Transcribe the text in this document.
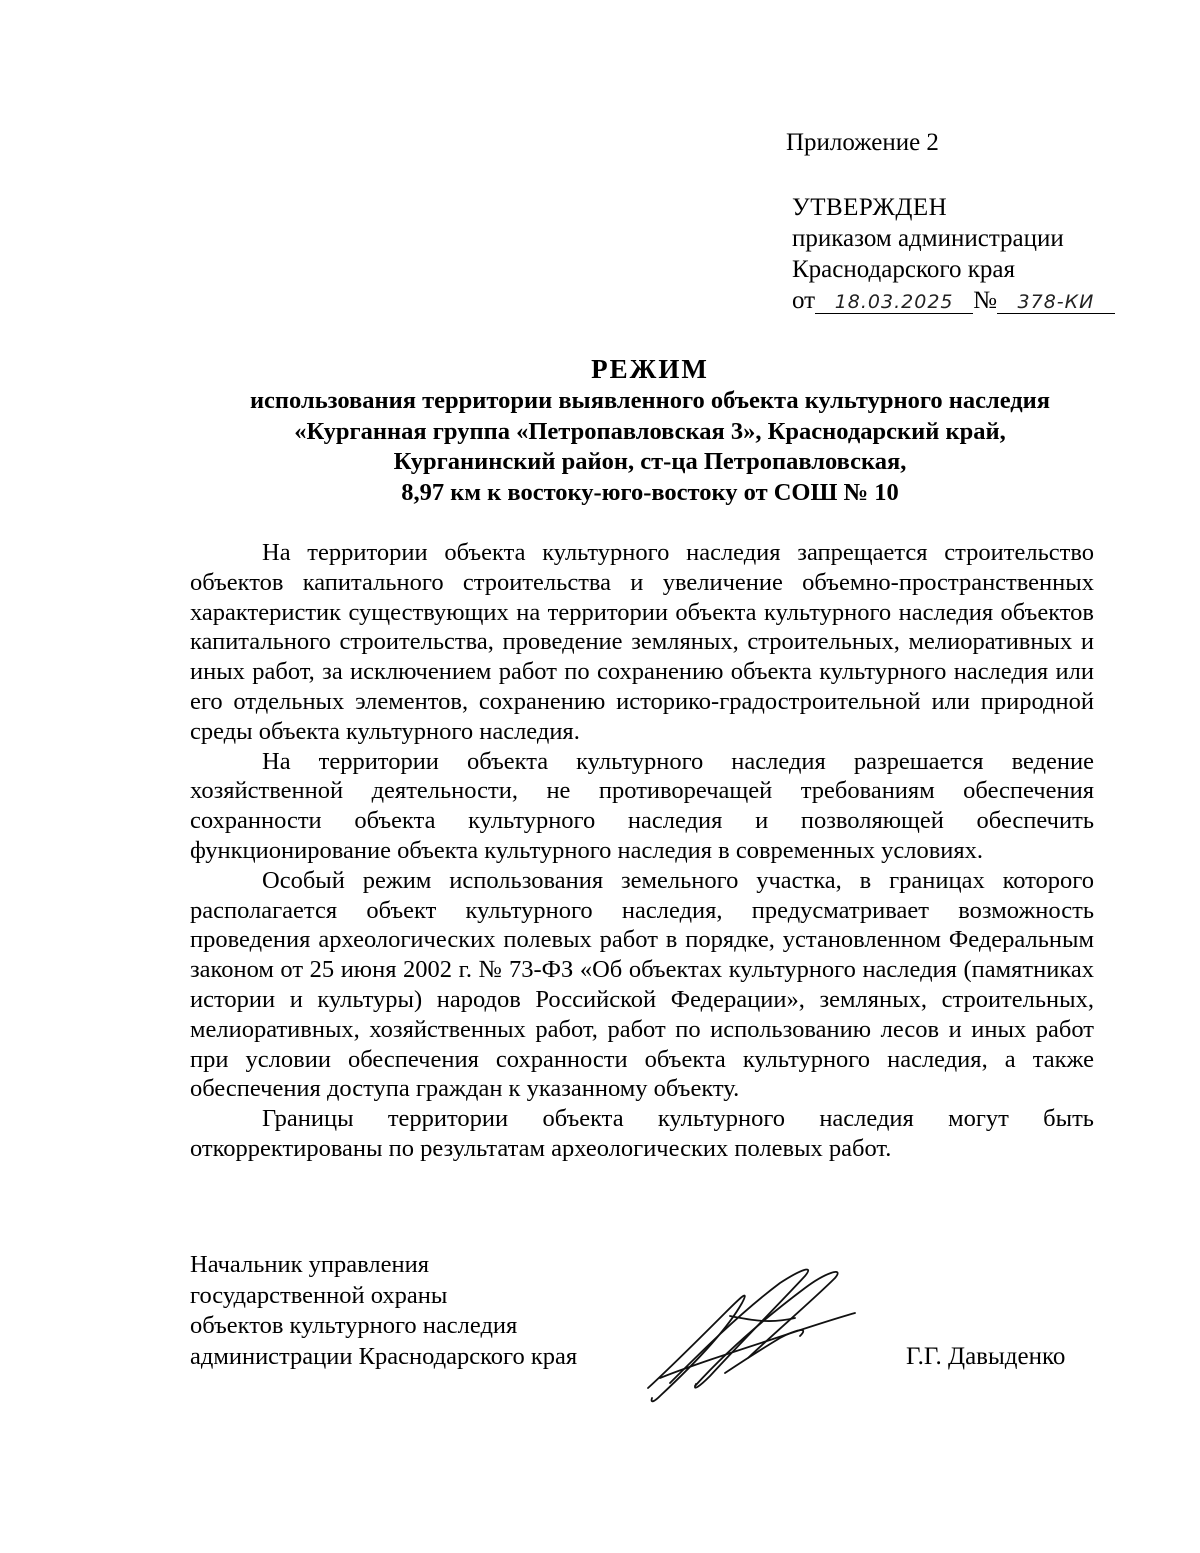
Приложение 2
УТВЕРЖДЕН
приказом администрации
Краснодарского края
от 18.03.2025 № 378-КИ
РЕЖИМ
использования территории выявленного объекта культурного наследия
«Курганная группа «Петропавловская 3», Краснодарский край,
Курганинский район, ст-ца Петропавловская,
8,97 км к востоку-юго-востоку от СОШ № 10

На территории объекта культурного наследия запрещается строительство объектов капитального строительства и увеличение объемно-пространственных характеристик существующих на территории объекта культурного наследия объектов капитального строительства, проведение земляных, строительных, мелиоративных и иных работ, за исключением работ по сохранению объекта культурного наследия или его отдельных элементов, сохранению историко-градостроительной или природной среды объекта культурного наследия.

На территории объекта культурного наследия разрешается ведение хозяйственной деятельности, не противоречащей требованиям обеспечения сохранности объекта культурного наследия и позволяющей обеспечить функционирование объекта культурного наследия в современных условиях.

Особый режим использования земельного участка, в границах которого располагается объект культурного наследия, предусматривает возможность проведения археологических полевых работ в порядке, установленном Федеральным законом от 25 июня 2002 г. № 73-ФЗ «Об объектах культурного наследия (памятниках истории и культуры) народов Российской Федерации», земляных, строительных, мелиоративных, хозяйственных работ, работ по использованию лесов и иных работ при условии обеспечения сохранности объекта культурного наследия, а также обеспечения доступа граждан к указанному объекту.

Границы территории объекта культурного наследия могут быть откорректированы по результатам археологических полевых работ.

Начальник управления
государственной охраны
объектов культурного наследия
администрации Краснодарского края	Г.Г. Давыденко
